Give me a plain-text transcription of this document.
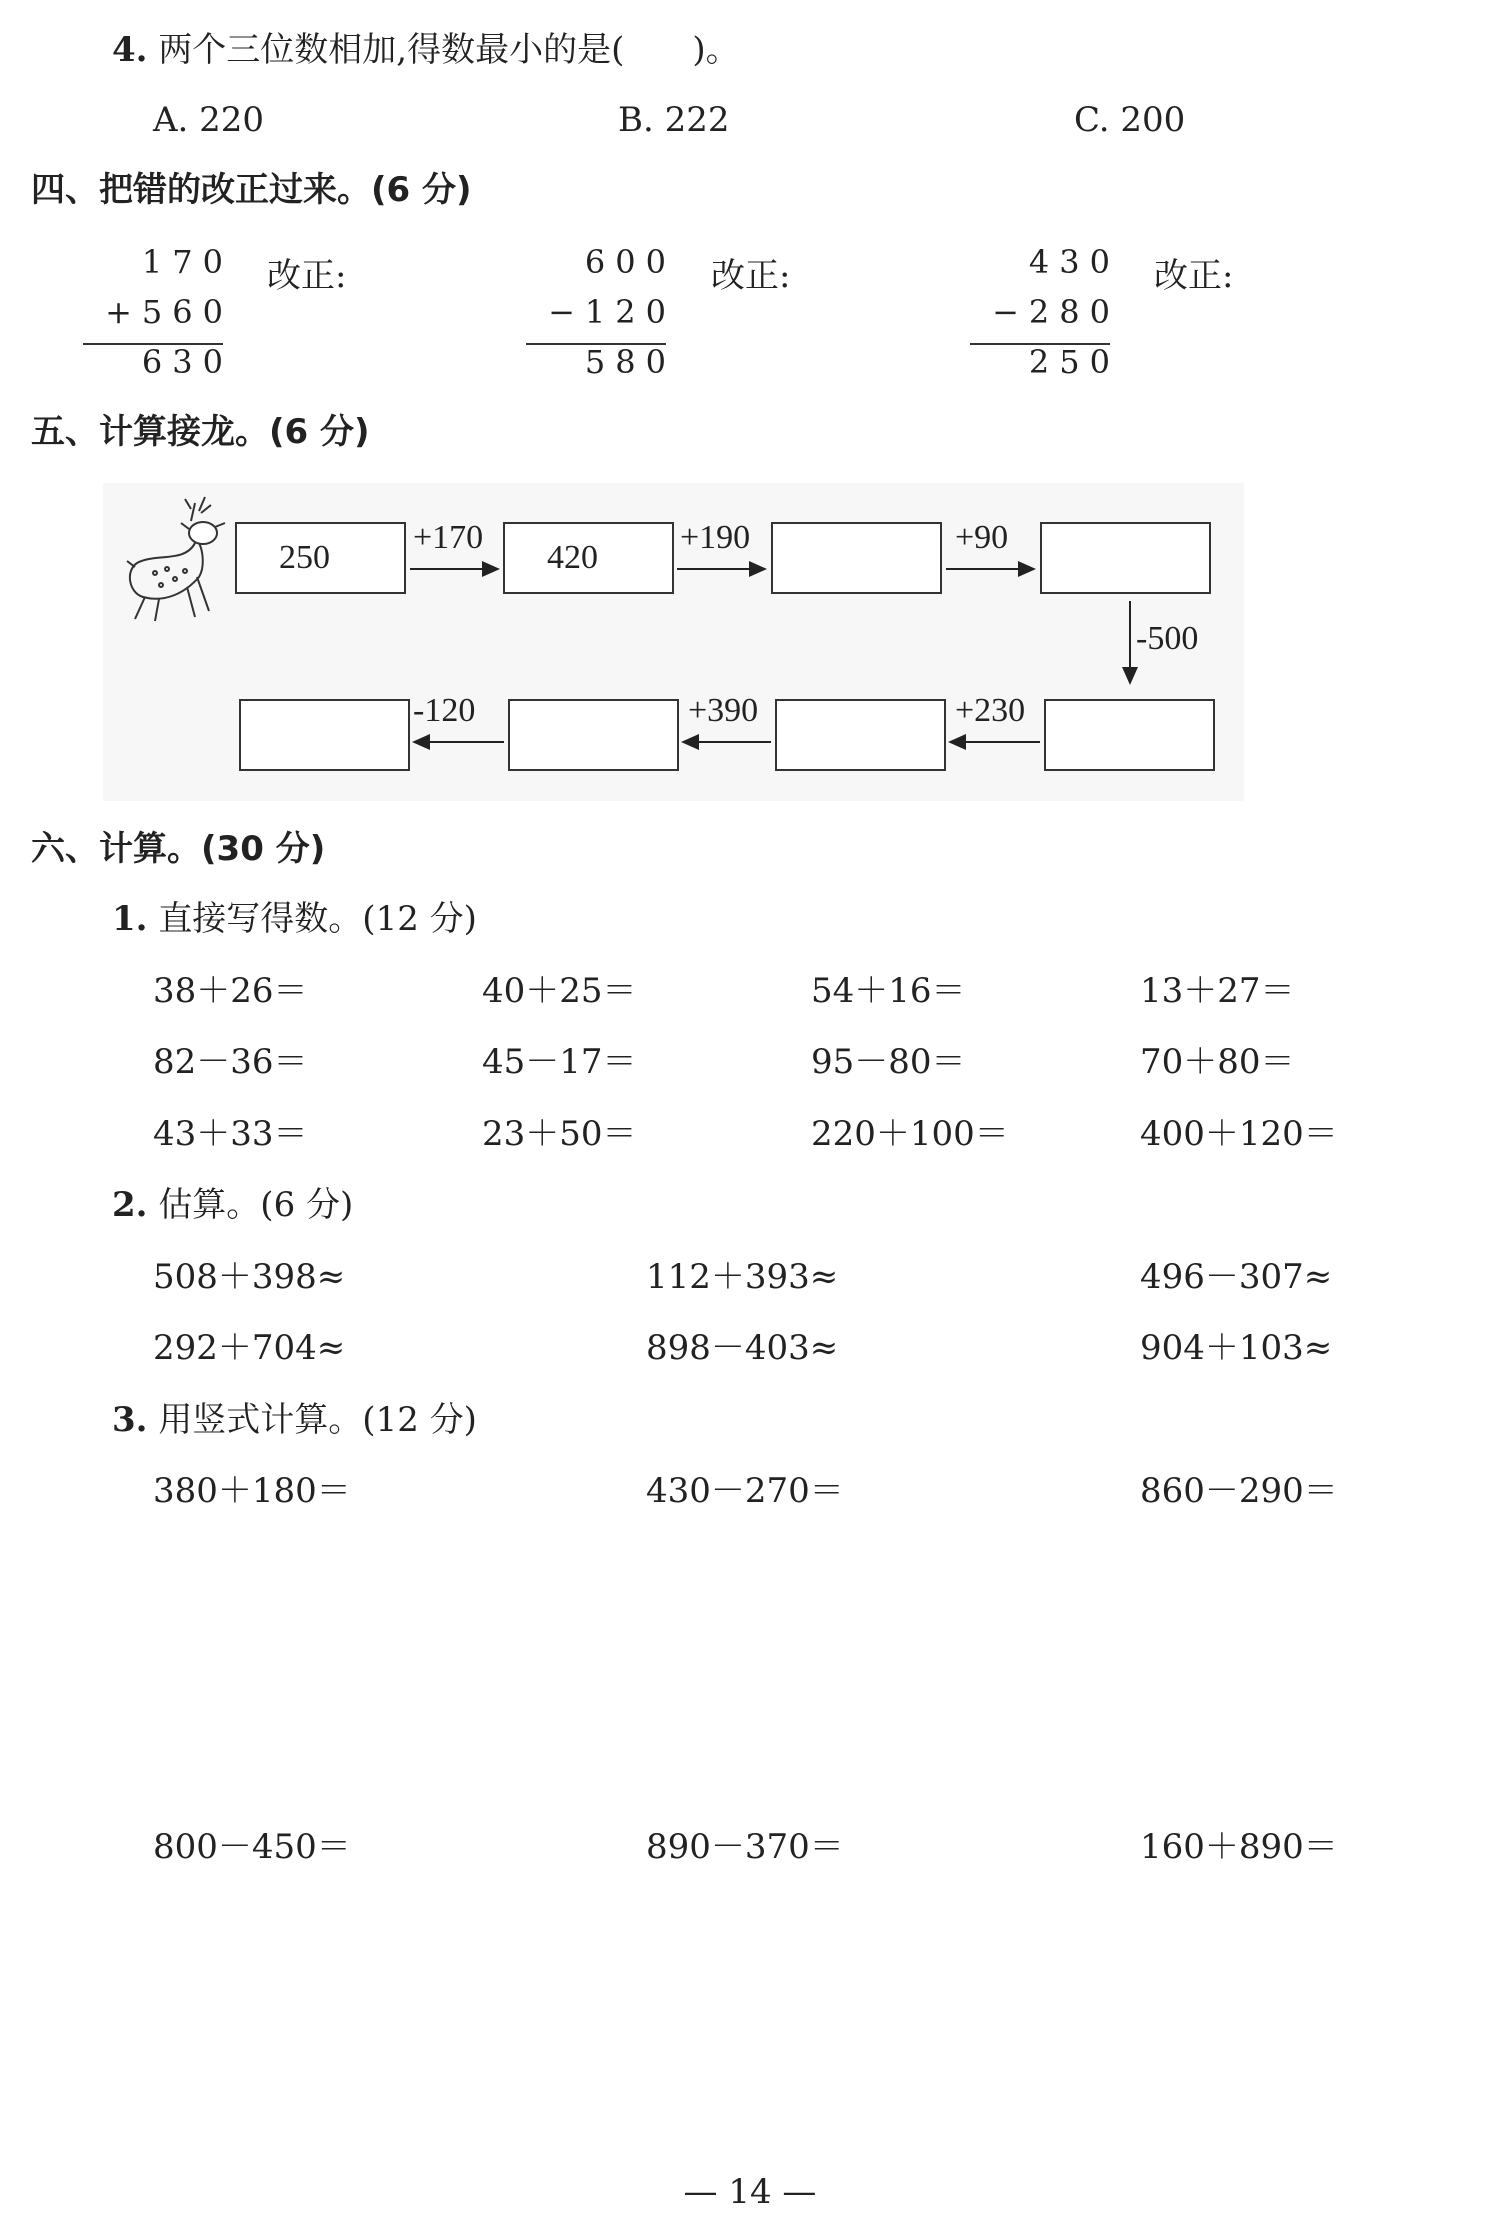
4. 两个三位数相加,得数最小的是(　　)。
A. 220	B. 222	C. 200
四、把错的改正过来。(6 分)
170
+560
630
改正:	600
−120
580
改正:	430
−280
250
改正:
五、计算接龙。(6 分)
250	420
+170	+190	+90
-500
-120	+390	+230
六、计算。(30 分)
1. 直接写得数。(12 分)
38＋26＝	40＋25＝	54＋16＝	13＋27＝
82－36＝	45－17＝	95－80＝	70＋80＝
43＋33＝	23＋50＝	220＋100＝	400＋120＝
2. 估算。(6 分)
508＋398≈	112＋393≈	496－307≈
292＋704≈	898－403≈	904＋103≈
3. 用竖式计算。(12 分)
380＋180＝	430－270＝	860－290＝
800－450＝	890－370＝	160＋890＝
— 14 —
